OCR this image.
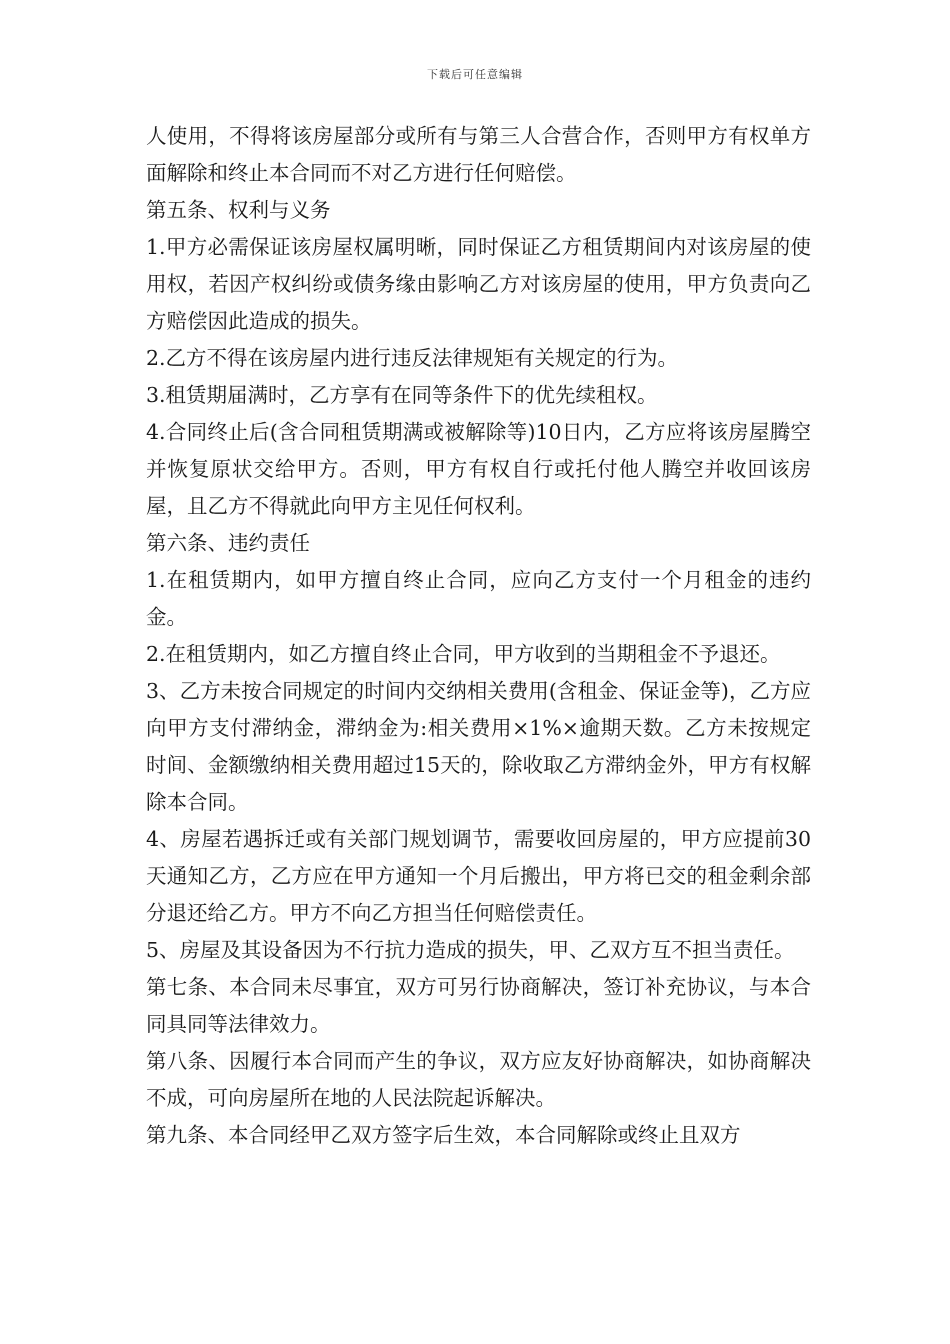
下载后可任意编辑

人使用，不得将该房屋部分或所有与第三人合营合作，否则甲方有权单方面解除和终止本合同而不对乙方进行任何赔偿。

第五条、权利与义务

1.甲方必需保证该房屋权属明晰，同时保证乙方租赁期间内对该房屋的使用权，若因产权纠纷或债务缘由影响乙方对该房屋的使用，甲方负责向乙方赔偿因此造成的损失。

2.乙方不得在该房屋内进行违反法律规矩有关规定的行为。

3.租赁期届满时，乙方享有在同等条件下的优先续租权。

4.合同终止后(含合同租赁期满或被解除等)10日内，乙方应将该房屋腾空并恢复原状交给甲方。否则，甲方有权自行或托付他人腾空并收回该房屋，且乙方不得就此向甲方主见任何权利。

第六条、违约责任

1.在租赁期内，如甲方擅自终止合同，应向乙方支付一个月租金的违约金。

2.在租赁期内，如乙方擅自终止合同，甲方收到的当期租金不予退还。

3、乙方未按合同规定的时间内交纳相关费用(含租金、保证金等)，乙方应向甲方支付滞纳金，滞纳金为:相关费用×1%×逾期天数。乙方未按规定时间、金额缴纳相关费用超过15天的，除收取乙方滞纳金外，甲方有权解除本合同。

4、房屋若遇拆迁或有关部门规划调节，需要收回房屋的，甲方应提前30天通知乙方，乙方应在甲方通知一个月后搬出，甲方将已交的租金剩余部分退还给乙方。甲方不向乙方担当任何赔偿责任。

5、房屋及其设备因为不行抗力造成的损失，甲、乙双方互不担当责任。

第七条、本合同未尽事宜，双方可另行协商解决，签订补充协议，与本合同具同等法律效力。

第八条、因履行本合同而产生的争议，双方应友好协商解决，如协商解决不成，可向房屋所在地的人民法院起诉解决。

第九条、本合同经甲乙双方签字后生效，本合同解除或终止且双方
